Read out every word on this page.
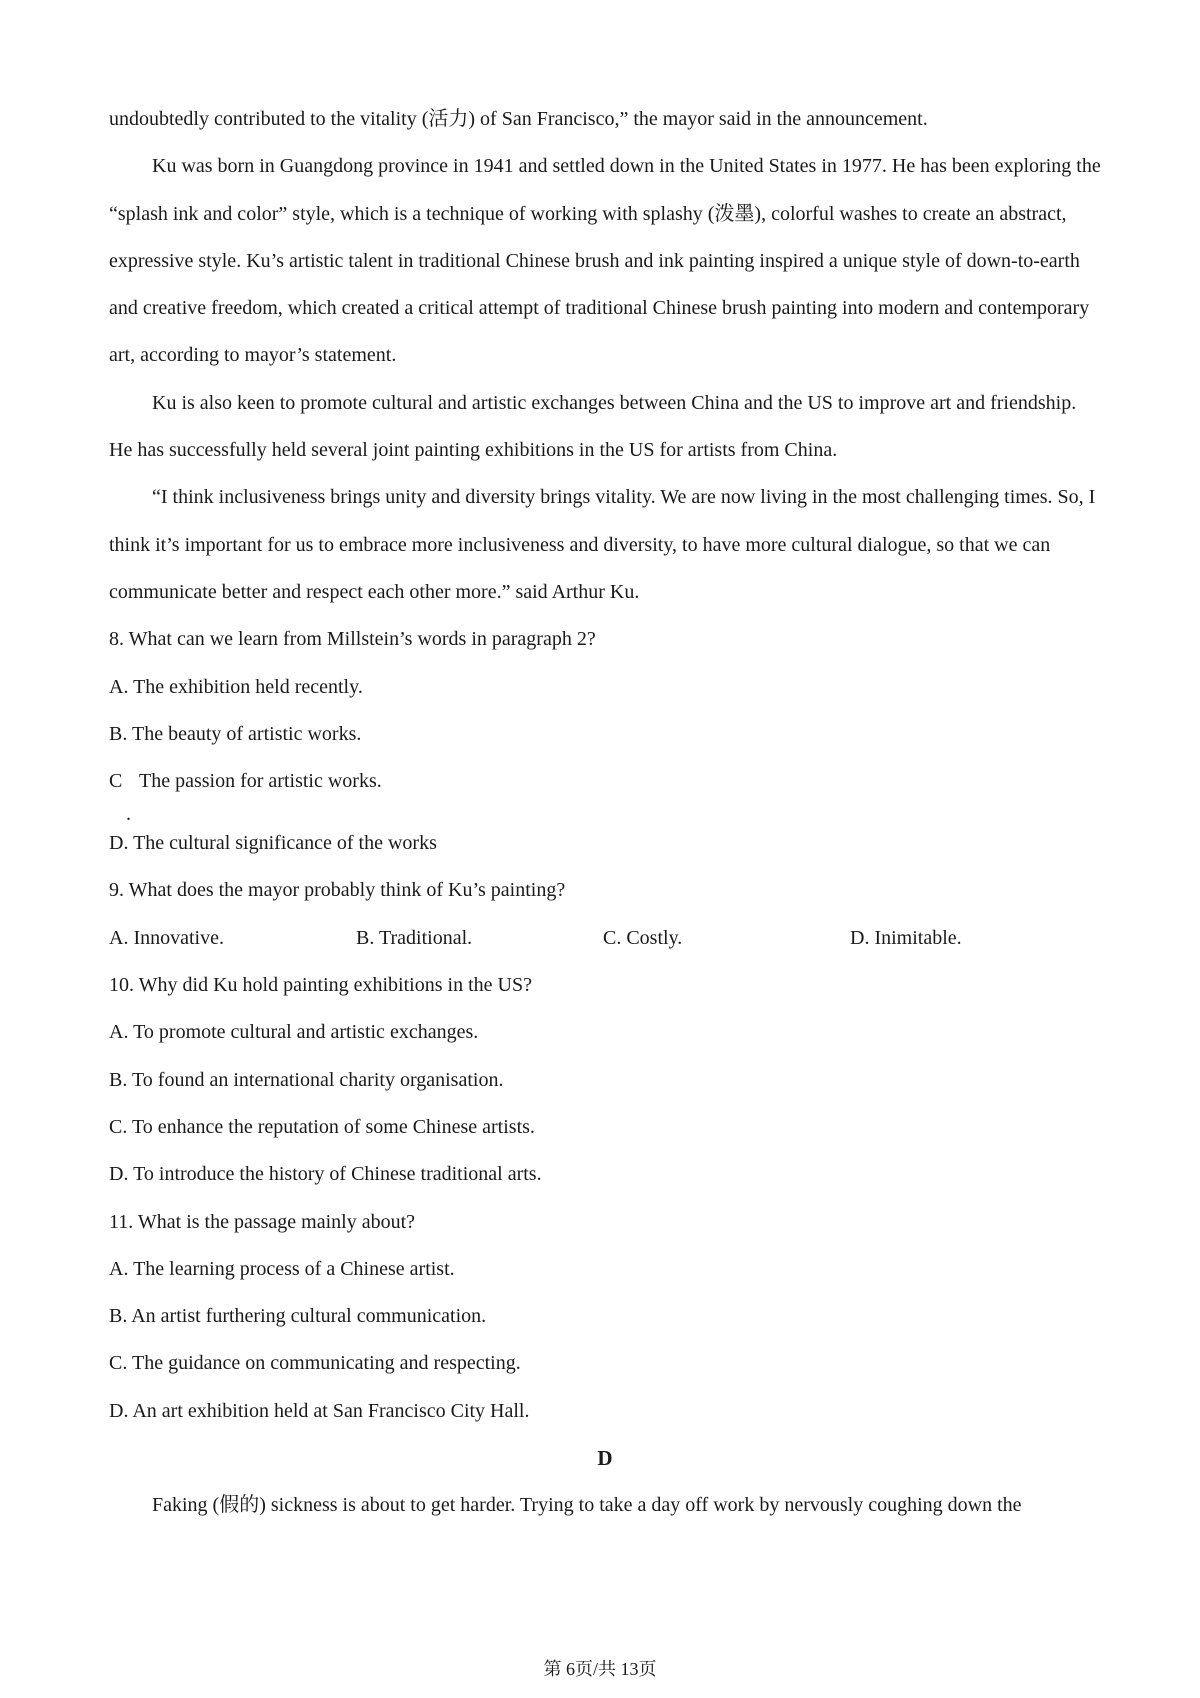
undoubtedly contributed to the vitality (活力) of San Francisco,” the mayor said in the announcement.

Ku was born in Guangdong province in 1941 and settled down in the United States in 1977. He has been exploring the “splash ink and color” style, which is a technique of working with splashy (泼墨), colorful washes to create an abstract, expressive style. Ku’s artistic talent in traditional Chinese brush and ink painting inspired a unique style of down-to-earth and creative freedom, which created a critical attempt of traditional Chinese brush painting into modern and contemporary art, according to mayor’s statement.

Ku is also keen to promote cultural and artistic exchanges between China and the US to improve art and friendship. He has successfully held several joint painting exhibitions in the US for artists from China.

“I think inclusiveness brings unity and diversity brings vitality. We are now living in the most challenging times. So, I think it’s important for us to embrace more inclusiveness and diversity, to have more cultural dialogue, so that we can communicate better and respect each other more.” said Arthur Ku.

8. What can we learn from Millstein’s words in paragraph 2?

A. The exhibition held recently.

B. The beauty of artistic works.

C The passion for artistic works.
.

D. The cultural significance of the works

9. What does the mayor probably think of Ku’s painting?

A. Innovative.	B. Traditional.	C. Costly.	D. Inimitable.

10. Why did Ku hold painting exhibitions in the US?

A. To promote cultural and artistic exchanges.

B. To found an international charity organisation.

C. To enhance the reputation of some Chinese artists.

D. To introduce the history of Chinese traditional arts.

11. What is the passage mainly about?

A. The learning process of a Chinese artist.

B. An artist furthering cultural communication.

C. The guidance on communicating and respecting.

D. An art exhibition held at San Francisco City Hall.

D

Faking (假的) sickness is about to get harder. Trying to take a day off work by nervously coughing down the

第 6页/共 13页
